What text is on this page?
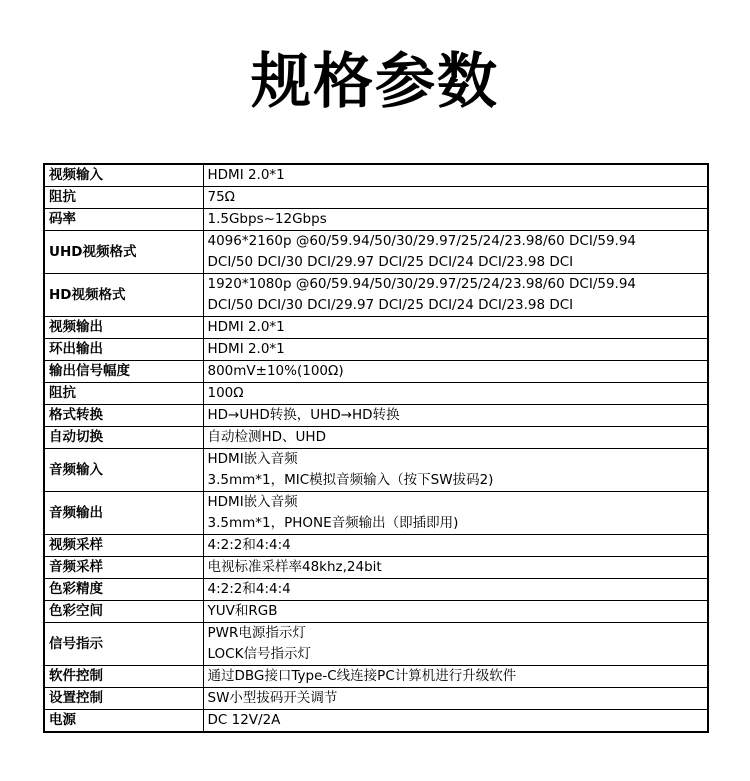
规格参数
视频输入	HDMI 2.0*1

阻抗	75Ω

码率	1.5Gbps~12Gbps

UHD视频格式	4096*2160p @60/59.94/50/30/29.97/25/24/23.98/60 DCI/59.94
DCI/50 DCI/30 DCI/29.97 DCI/25 DCI/24 DCI/23.98 DCI

HD视频格式	1920*1080p @60/59.94/50/30/29.97/25/24/23.98/60 DCI/59.94
DCI/50 DCI/30 DCI/29.97 DCI/25 DCI/24 DCI/23.98 DCI

视频输出	HDMI 2.0*1

环出输出	HDMI 2.0*1

输出信号幅度	800mV±10%(100Ω)

阻抗	100Ω

格式转换	HD→UHD转换，UHD→HD转换

自动切换	自动检测HD、UHD

音频输入	HDMI嵌入音频
3.5mm*1，MIC模拟音频输入（按下SW拔码2)

音频输出	HDMI嵌入音频
3.5mm*1，PHONE音频输出（即插即用)

视频采样	4:2:2和4:4:4

音频采样	电视标准采样率48khz,24bit

色彩精度	4:2:2和4:4:4

色彩空间	YUV和RGB

信号指示	PWR电源指示灯
LOCK信号指示灯

软件控制	通过DBG接口Type-C线连接PC计算机进行升级软件

设置控制	SW小型拔码开关调节

电源	DC 12V/2A
